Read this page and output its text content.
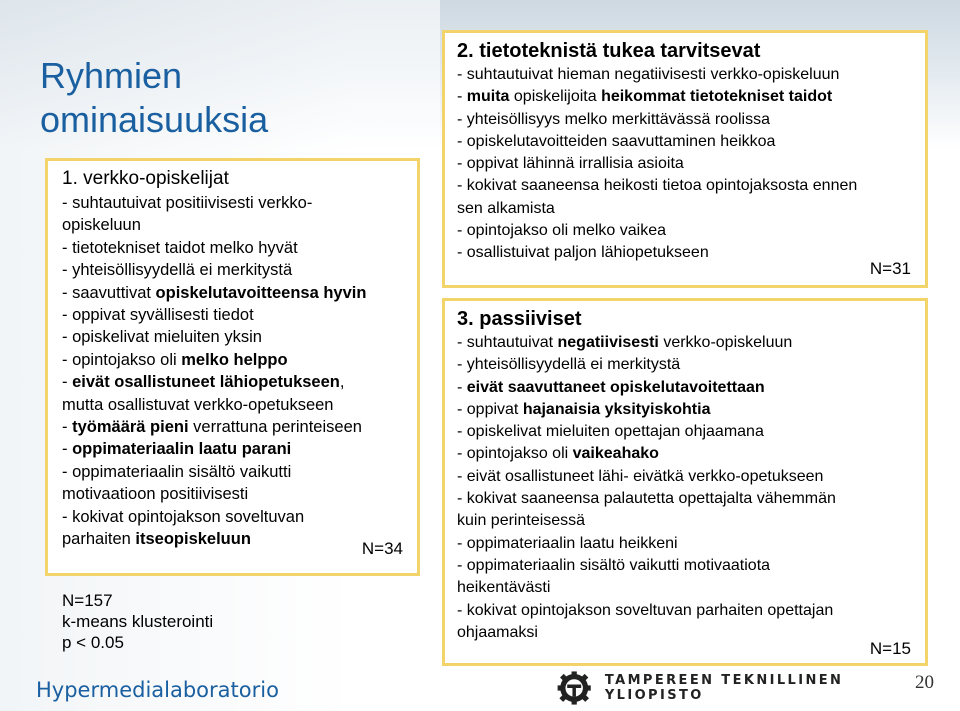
Ryhmien ominaisuuksia
1. verkko-opiskelijat
- suhtautuivat positiivisesti verkko-
opiskeluun
- tietotekniset taidot melko hyvät
- yhteisöllisyydellä ei merkitystä
- saavuttivat opiskelutavoitteensa hyvin
- oppivat syvällisesti tiedot
- opiskelivat mieluiten yksin
- opintojakso oli melko helppo
- eivät osallistuneet lähiopetukseen,
mutta osallistuvat verkko-opetukseen
- työmäärä pieni verrattuna perinteiseen
- oppimateriaalin laatu parani
- oppimateriaalin sisältö vaikutti
motivaatioon positiivisesti
- kokivat opintojakson soveltuvan
parhaiten itseopiskeluun	N=34
N=157
k-means klusterointi
p < 0.05
2. tietoteknistä tukea tarvitsevat
- suhtautuivat hieman negatiivisesti verkko-opiskeluun
- muita opiskelijoita heikommat tietotekniset taidot
- yhteisöllisyys melko merkittävässä roolissa
- opiskelutavoitteiden saavuttaminen heikkoa
- oppivat lähinnä irrallisia asioita
- kokivat saaneensa heikosti tietoa opintojaksosta ennen
sen alkamista
- opintojakso oli melko vaikea
- osallistuivat paljon lähiopetukseen
N=31
3. passiiviset
- suhtautuivat negatiivisesti verkko-opiskeluun
- yhteisöllisyydellä ei merkitystä
- eivät saavuttaneet opiskelutavoitettaan
- oppivat hajanaisia yksityiskohtia
- opiskelivat mieluiten opettajan ohjaamana
- opintojakso oli vaikeahako
- eivät osallistuneet lähi- eivätkä verkko-opetukseen
- kokivat saaneensa palautetta opettajalta vähemmän
kuin perinteisessä
- oppimateriaalin laatu heikkeni
- oppimateriaalin sisältö vaikutti motivaatiota
heikentävästi
- kokivat opintojakson soveltuvan parhaiten opettajan
ohjaamaksi
N=15
Hypermedialaboratorio	TAMPEREEN TEKNILLINEN YLIOPISTO
20
